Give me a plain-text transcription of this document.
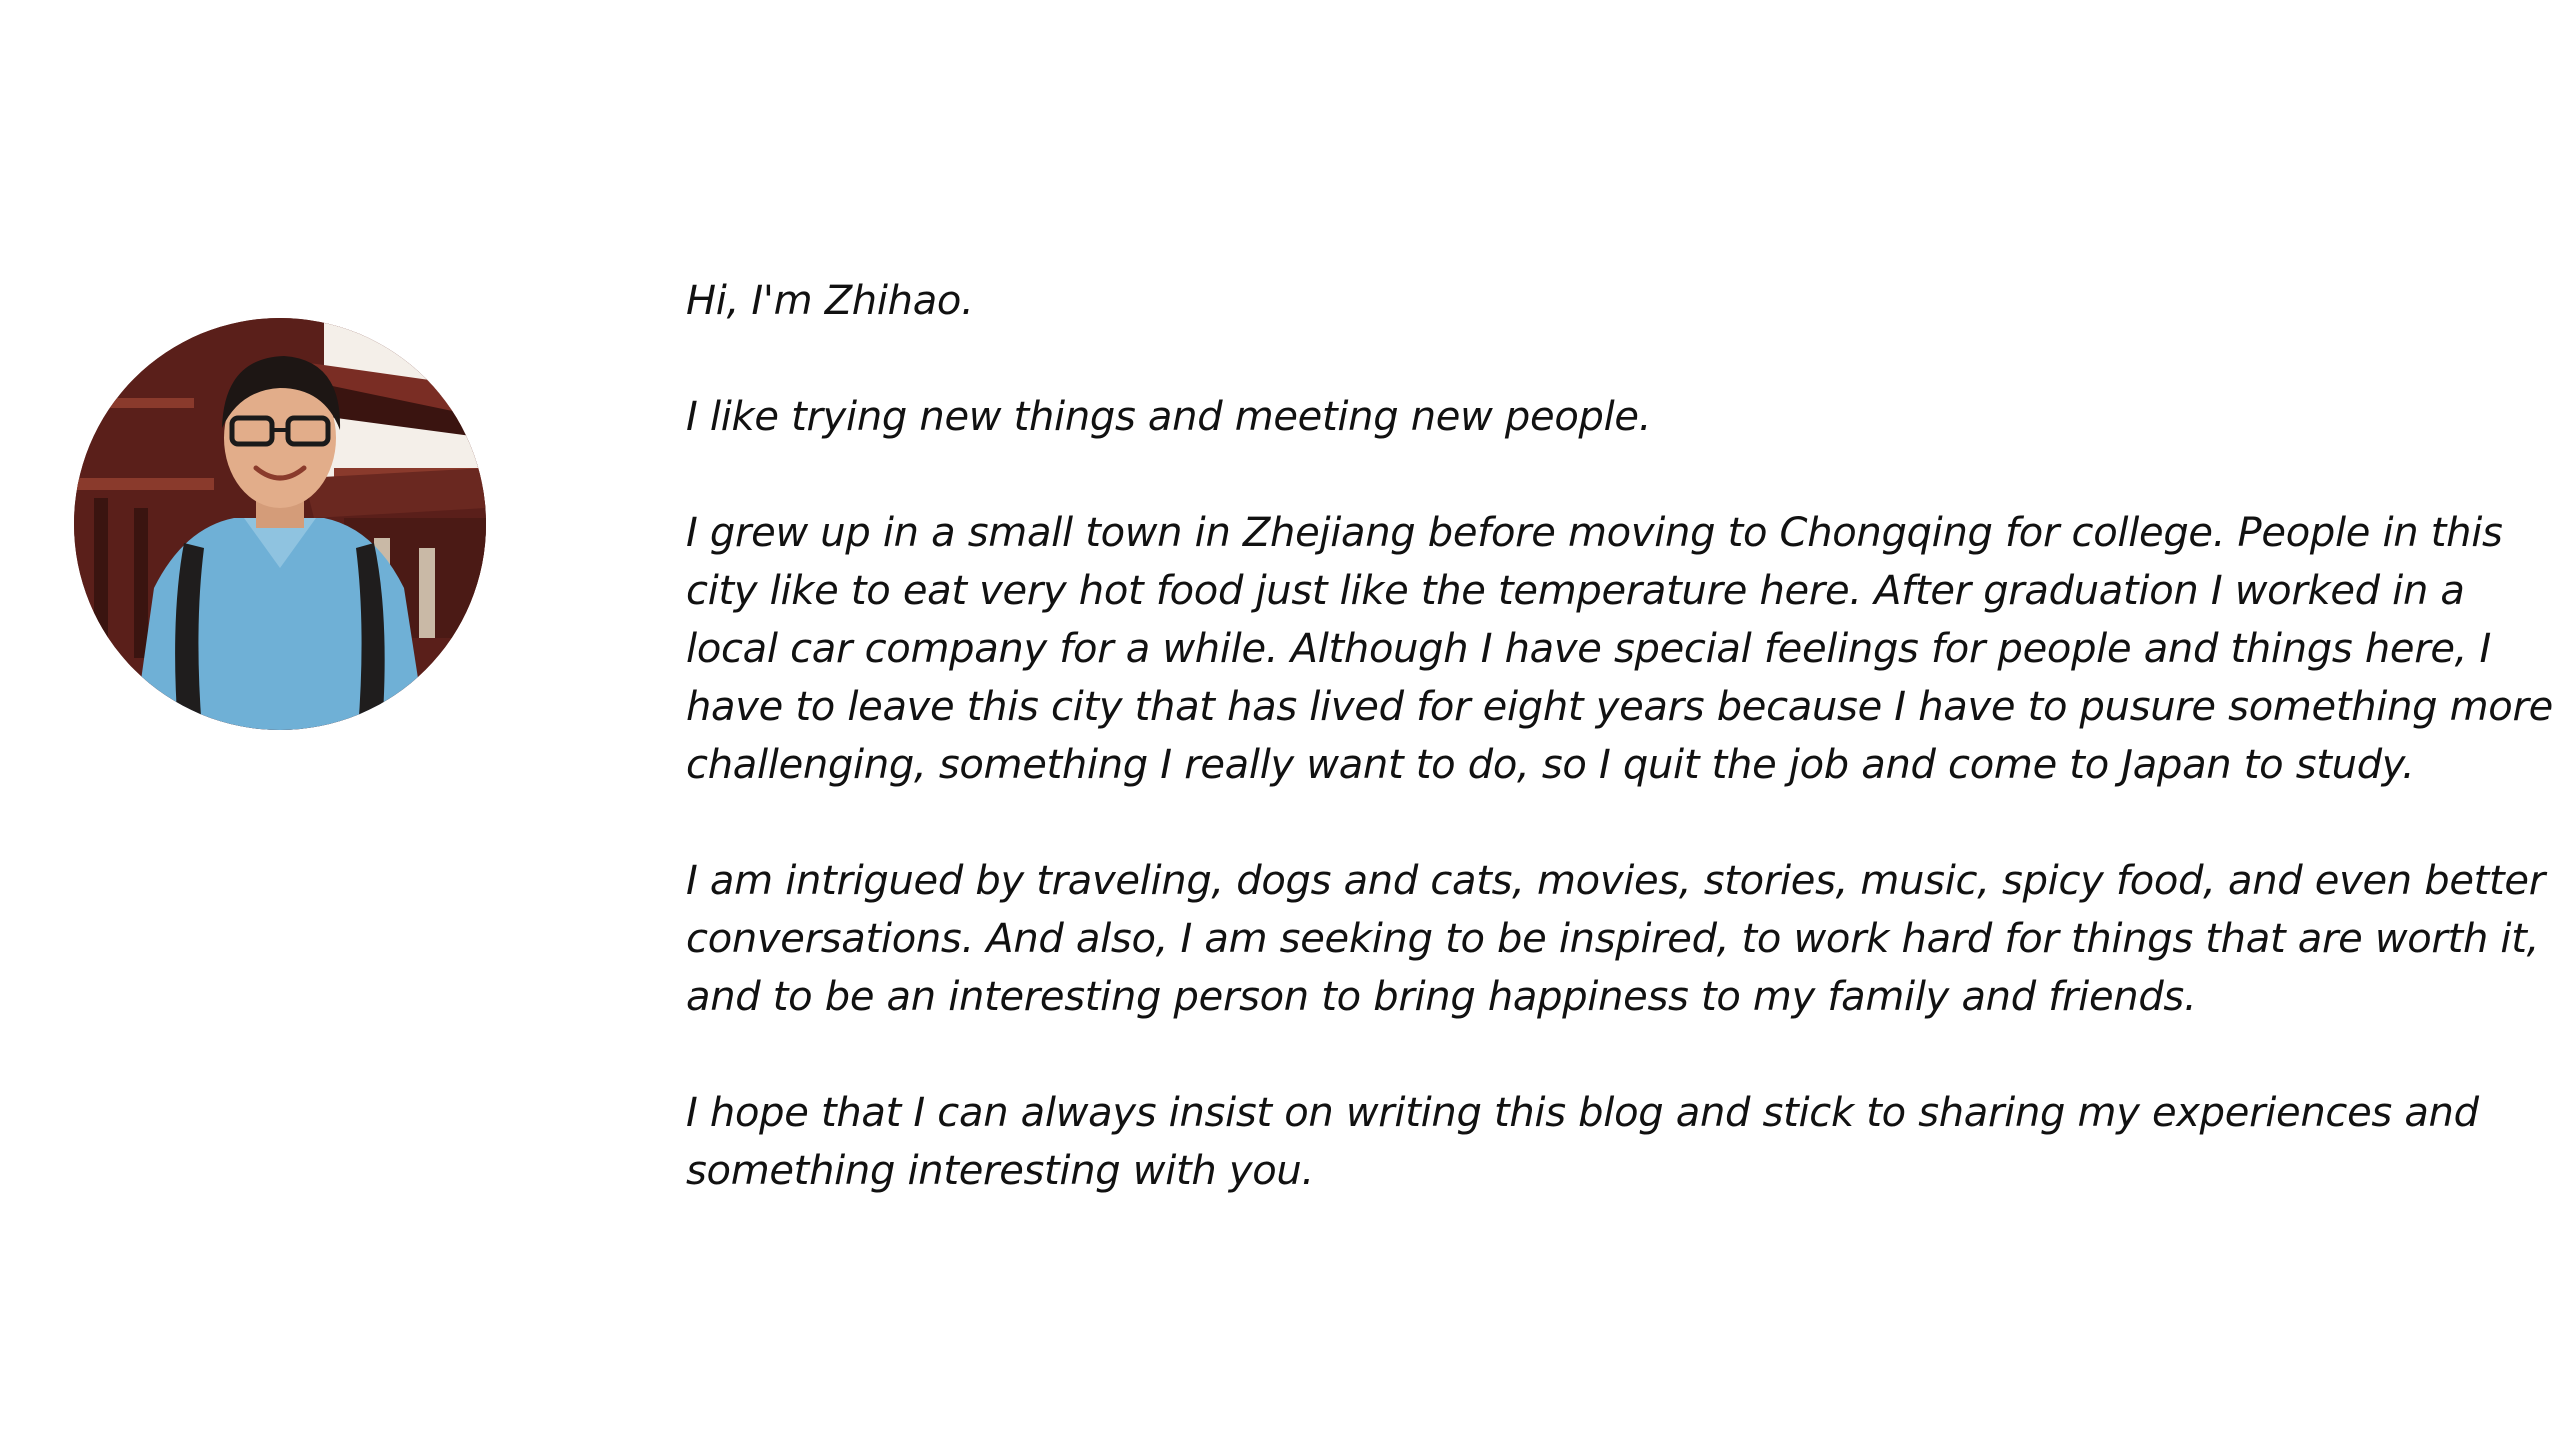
Hi, I'm Zhihao.

I like trying new things and meeting new people.

I grew up in a small town in Zhejiang before moving to Chongqing for college. People in this city like to eat very hot food just like the temperature here. After graduation I worked in a local car company for a while. Although I have special feelings for people and things here, I have to leave this city that has lived for eight years because I have to pusure something more challenging, something I really want to do, so I quit the job and come to Japan to study.

I am intrigued by traveling, dogs and cats, movies, stories, music, spicy food, and even better conversations. And also, I am seeking to be inspired, to work hard for things that are worth it, and to be an interesting person to bring happiness to my family and friends.

I hope that I can always insist on writing this blog and stick to sharing my experiences and something interesting with you.
